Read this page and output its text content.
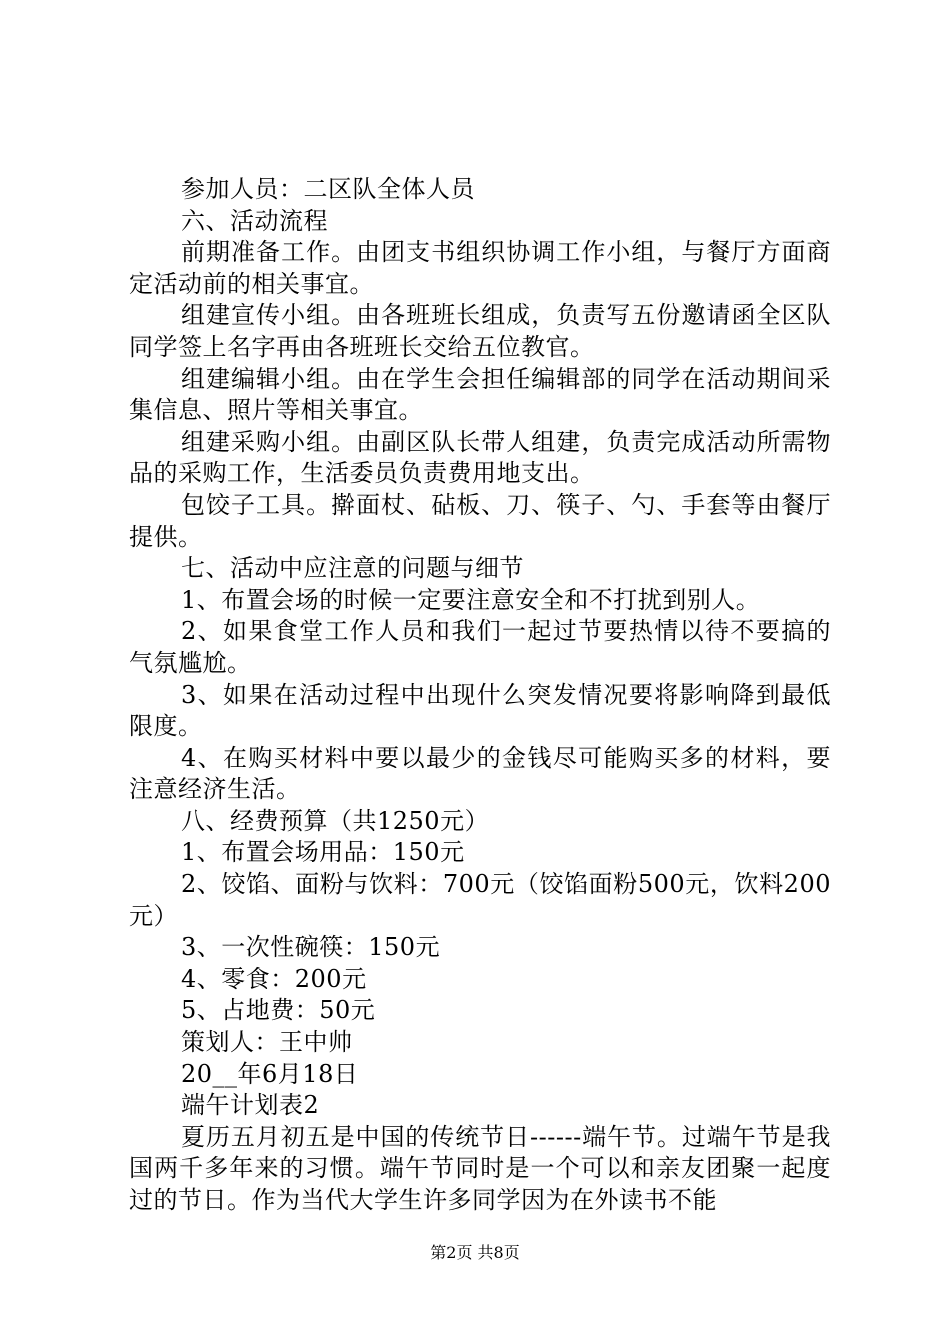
参加人员：二区队全体人员

六、活动流程

前期准备工作。由团支书组织协调工作小组，与餐厅方面商定活动前的相关事宜。

组建宣传小组。由各班班长组成，负责写五份邀请函全区队同学签上名字再由各班班长交给五位教官。

组建编辑小组。由在学生会担任编辑部的同学在活动期间采集信息、照片等相关事宜。

组建采购小组。由副区队长带人组建，负责完成活动所需物品的采购工作，生活委员负责费用地支出。

包饺子工具。擀面杖、砧板、刀、筷子、勺、手套等由餐厅提供。

七、活动中应注意的问题与细节

1、布置会场的时候一定要注意安全和不打扰到别人。

2、如果食堂工作人员和我们一起过节要热情以待不要搞的气氛尴尬。

3、如果在活动过程中出现什么突发情况要将影响降到最低限度。

4、在购买材料中要以最少的金钱尽可能购买多的材料，要注意经济生活。

八、经费预算（共1250元）

1、布置会场用品：150元

2、饺馅、面粉与饮料：700元（饺馅面粉500元，饮料200元）

3、一次性碗筷：150元

4、零食：200元

5、占地费：50元

策划人：王中帅

20__年6月18日

端午计划表2

夏历五月初五是中国的传统节日------端午节。过端午节是我国两千多年来的习惯。端午节同时是一个可以和亲友团聚一起度过的节日。作为当代大学生许多同学因为在外读书不能

第2页 共8页
